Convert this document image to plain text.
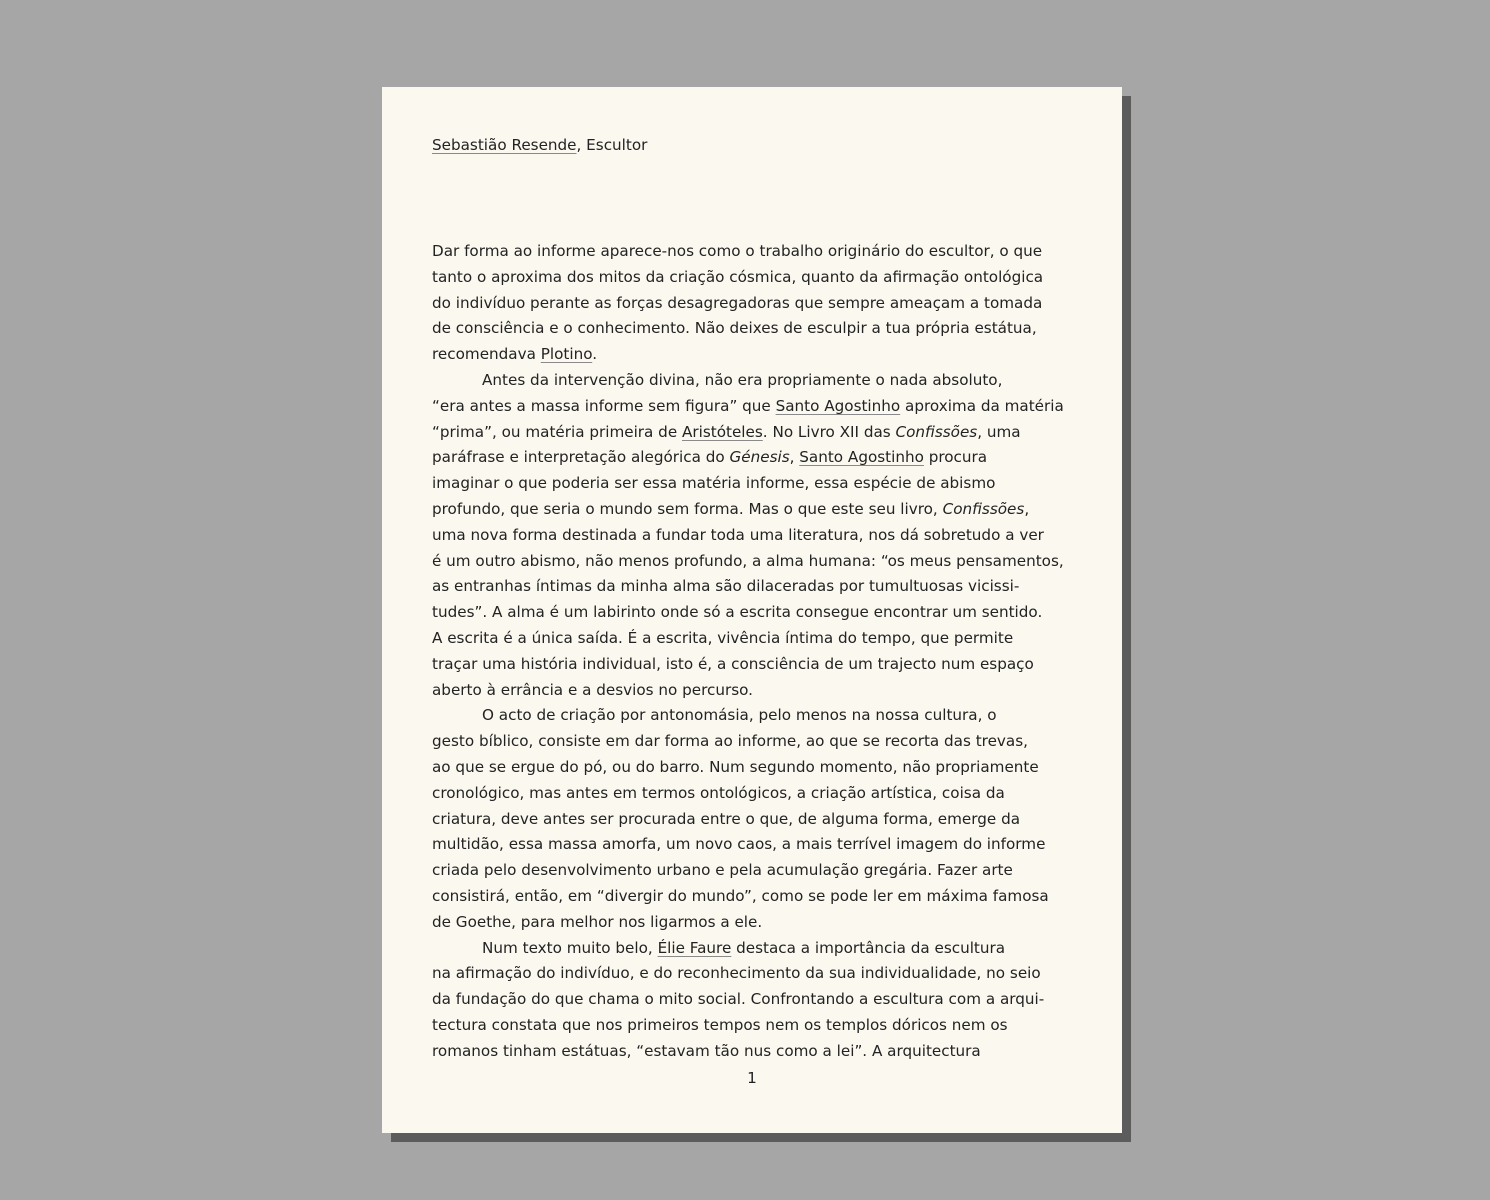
Sebastião Resende, Escultor
Dar forma ao informe aparece-nos como o trabalho originário do escultor, o que
tanto o aproxima dos mitos da criação cósmica, quanto da afirmação ontológica
do indivíduo perante as forças desagregadoras que sempre ameaçam a tomada
de consciência e o conhecimento. Não deixes de esculpir a tua própria estátua,
recomendava Plotino.
Antes da intervenção divina, não era propriamente o nada absoluto,
“era antes a massa informe sem figura” que Santo Agostinho aproxima da matéria
“prima”, ou matéria primeira de Aristóteles. No Livro XII das Confissões, uma
paráfrase e interpretação alegórica do Génesis, Santo Agostinho procura
imaginar o que poderia ser essa matéria informe, essa espécie de abismo
profundo, que seria o mundo sem forma. Mas o que este seu livro, Confissões,
uma nova forma destinada a fundar toda uma literatura, nos dá sobretudo a ver
é um outro abismo, não menos profundo, a alma humana: “os meus pensamentos,
as entranhas íntimas da minha alma são dilaceradas por tumultuosas vicissi-
tudes”. A alma é um labirinto onde só a escrita consegue encontrar um sentido.
A escrita é a única saída. É a escrita, vivência íntima do tempo, que permite
traçar uma história individual, isto é, a consciência de um trajecto num espaço
aberto à errância e a desvios no percurso.
O acto de criação por antonomásia, pelo menos na nossa cultura, o
gesto bíblico, consiste em dar forma ao informe, ao que se recorta das trevas,
ao que se ergue do pó, ou do barro. Num segundo momento, não propriamente
cronológico, mas antes em termos ontológicos, a criação artística, coisa da
criatura, deve antes ser procurada entre o que, de alguma forma, emerge da
multidão, essa massa amorfa, um novo caos, a mais terrível imagem do informe
criada pelo desenvolvimento urbano e pela acumulação gregária. Fazer arte
consistirá, então, em “divergir do mundo”, como se pode ler em máxima famosa
de Goethe, para melhor nos ligarmos a ele.
Num texto muito belo, Élie Faure destaca a importância da escultura
na afirmação do indivíduo, e do reconhecimento da sua individualidade, no seio
da fundação do que chama o mito social. Confrontando a escultura com a arqui-
tectura constata que nos primeiros tempos nem os templos dóricos nem os
romanos tinham estátuas, “estavam tão nus como a lei”. A arquitectura
1
